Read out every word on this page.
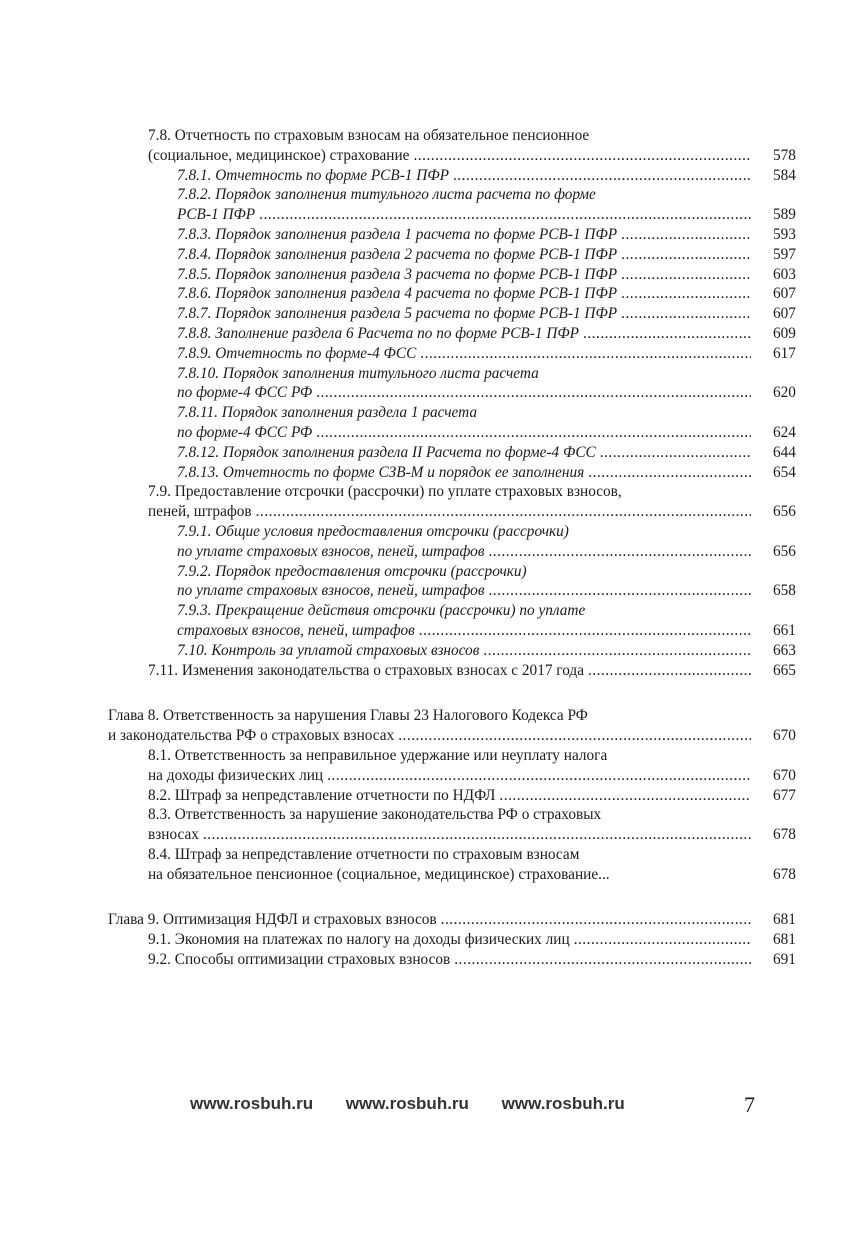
7.8. Отчетность по страховым взносам на обязательное пенсионное
(социальное, медицинское) страхование .....	578
7.8.1. Отчетность по форме РСВ-1 ПФР .....	584
7.8.2. Порядок заполнения титульного листа расчета по форме
РСВ-1 ПФР .....	589
7.8.3. Порядок заполнения раздела 1 расчета по форме РСВ-1 ПФР .....	593
7.8.4. Порядок заполнения раздела 2 расчета по форме РСВ-1 ПФР .....	597
7.8.5. Порядок заполнения раздела 3 расчета по форме РСВ-1 ПФР .....	603
7.8.6. Порядок заполнения раздела 4 расчета по форме РСВ-1 ПФР .....	607
7.8.7. Порядок заполнения раздела 5 расчета по форме РСВ-1 ПФР .....	607
7.8.8. Заполнение раздела 6 Расчета по по форме РСВ-1 ПФР .....	609
7.8.9. Отчетность по форме-4 ФСС .....	617
7.8.10. Порядок заполнения титульного листа расчета
по форме-4 ФСС РФ .....	620
7.8.11. Порядок заполнения раздела 1 расчета
по форме-4 ФСС РФ .....	624
7.8.12. Порядок заполнения раздела II Расчета по форме-4 ФСС .....	644
7.8.13. Отчетность по форме СЗВ-М и порядок ее заполнения .....	654
7.9. Предоставление отсрочки (рассрочки) по уплате страховых взносов,
пеней, штрафов .....	656
7.9.1. Общие условия предоставления отсрочки (рассрочки)
по уплате страховых взносов, пеней, штрафов .....	656
7.9.2. Порядок предоставления отсрочки (рассрочки)
по уплате страховых взносов, пеней, штрафов .....	658
7.9.3. Прекращение действия отсрочки (рассрочки) по уплате
страховых взносов, пеней, штрафов .....	661
7.10. Контроль за уплатой страховых взносов .....	663
7.11. Изменения законодательства о страховых взносах с 2017 года .....	665
Глава 8. Ответственность за нарушения Главы 23 Налогового Кодекса РФ
и законодательства РФ о страховых взносах .....	670
8.1. Ответственность за неправильное удержание или неуплату налога
на доходы физических лиц .....	670
8.2. Штраф за непредставление отчетности по НДФЛ .....	677
8.3. Ответственность за нарушение законодательства РФ о страховых
взносах .....	678
8.4. Штраф за непредставление отчетности по страховым взносам
на обязательное пенсионное (социальное, медицинское) страхование...	678
Глава 9. Оптимизация НДФЛ и страховых взносов .....	681
9.1. Экономия на платежах по налогу на доходы физических лиц .....	681
9.2. Способы оптимизации страховых взносов .....	691
www.rosbuh.ru www.rosbuh.ru www.rosbuh.ru	7
